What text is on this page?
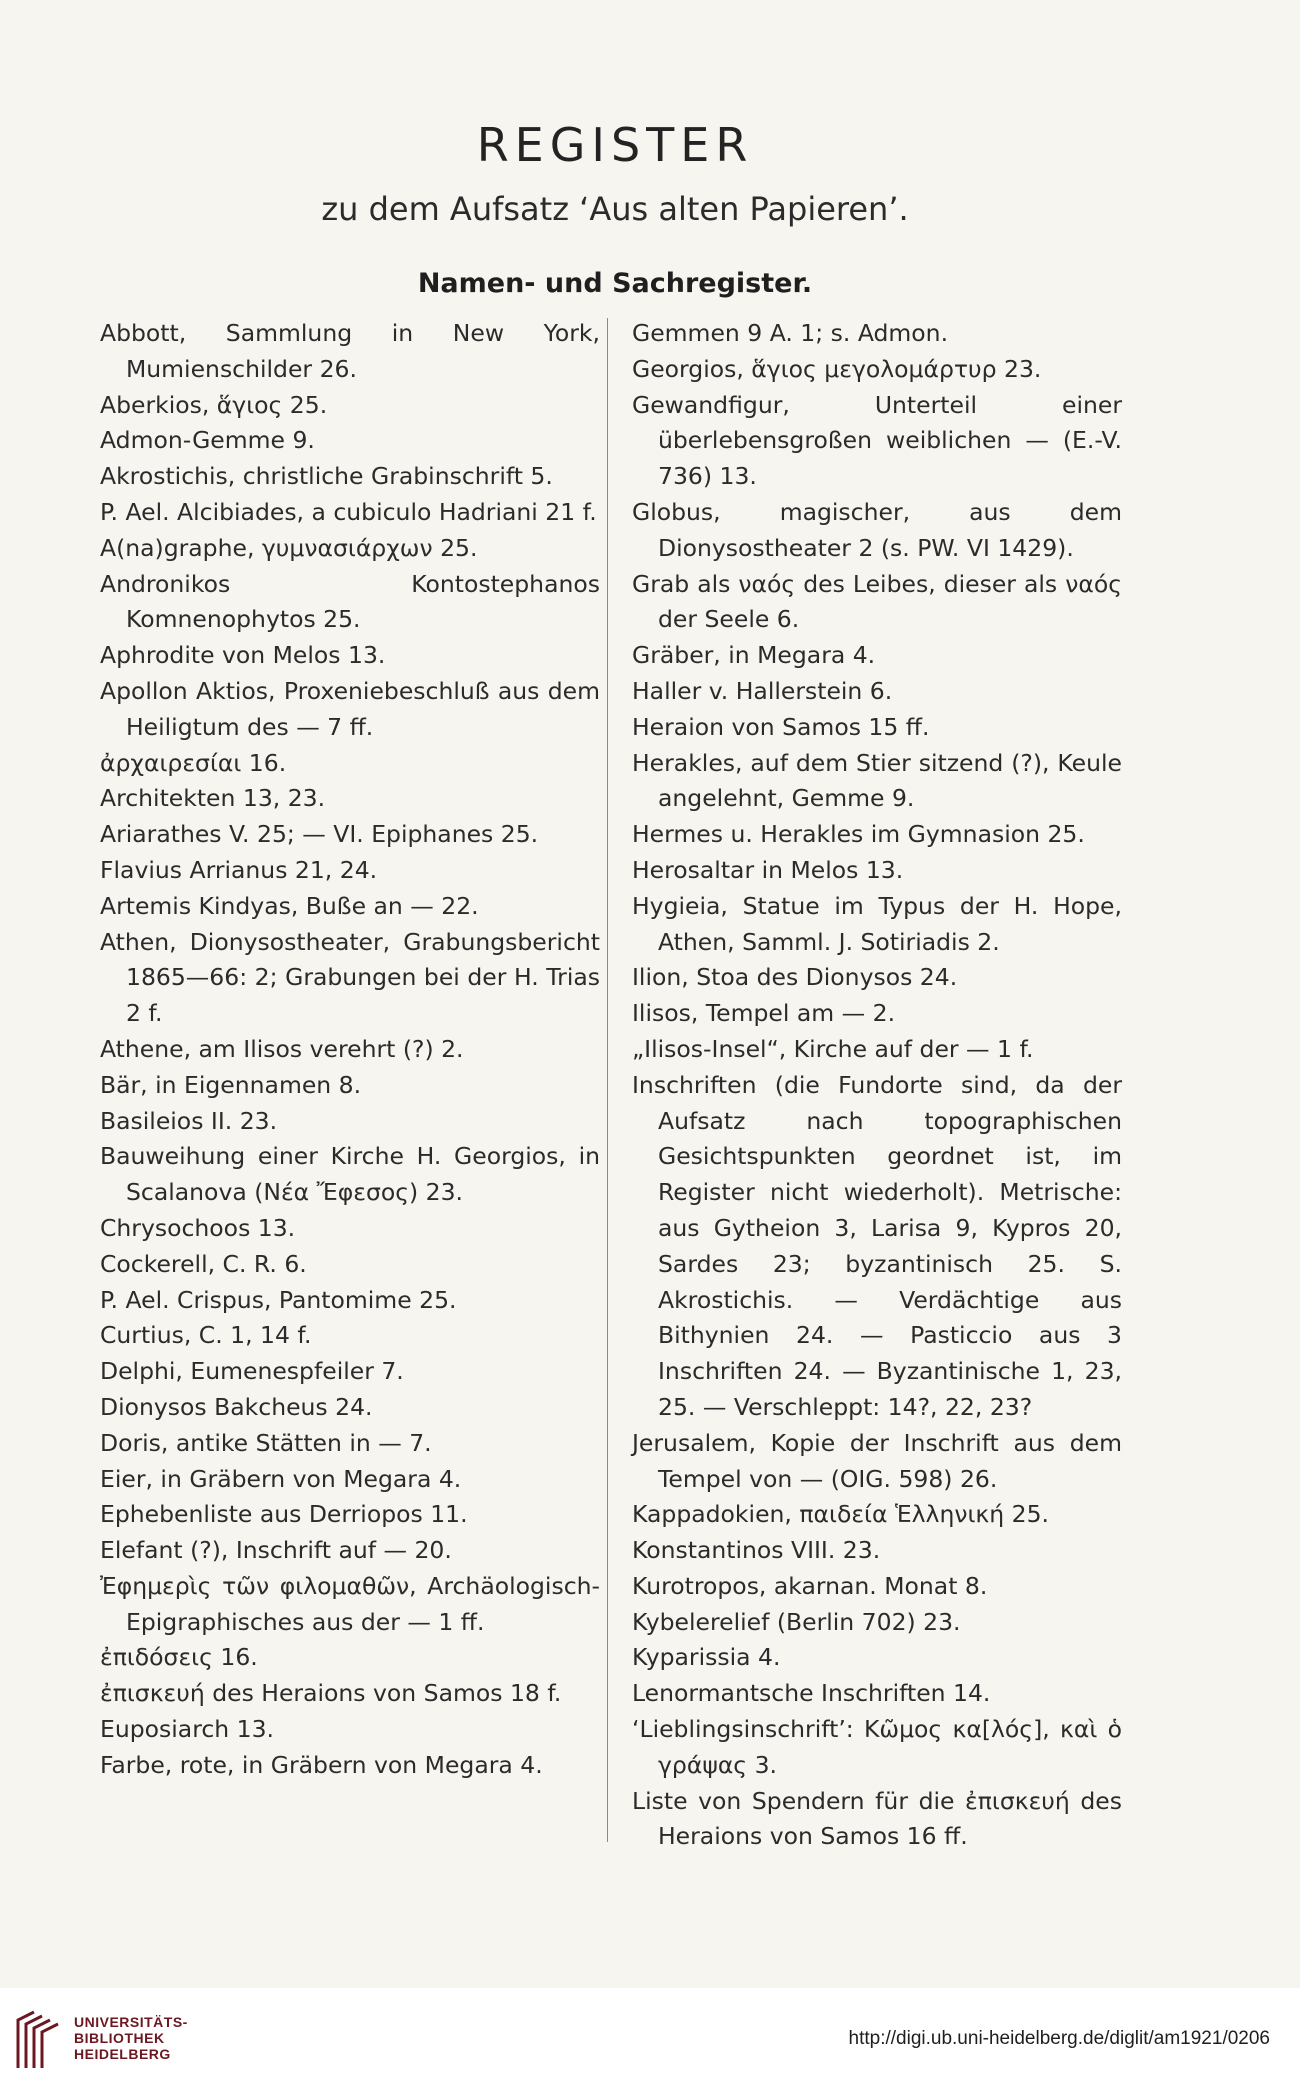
REGISTER
zu dem Aufsatz ‘Aus alten Papieren’.
Namen- und Sachregister.
Abbott, Sammlung in New York, Mumienschilder 26.
Aberkios, ἅγιος 25.
Admon-Gemme 9.
Akrostichis, christliche Grabinschrift 5.
P. Ael. Alcibiades, a cubiculo Hadriani 21 f.
A(na)graphe, γυμνασιάρχων 25.
Andronikos Kontostephanos Komnenophytos 25.
Aphrodite von Melos 13.
Apollon Aktios, Proxeniebeschluß aus dem Heiligtum des — 7 ff.
ἀρχαιρεσίαι 16.
Architekten 13, 23.
Ariarathes V. 25; — VI. Epiphanes 25.
Flavius Arrianus 21, 24.
Artemis Kindyas, Buße an — 22.
Athen, Dionysostheater, Grabungsbericht 1865—66: 2; Grabungen bei der H. Trias 2 f.
Athene, am Ilisos verehrt (?) 2.
Bär, in Eigennamen 8.
Basileios II. 23.
Bauweihung einer Kirche H. Georgios, in Scalanova (Νέα Ἔφεσος) 23.
Chrysochoos 13.
Cockerell, C. R. 6.
P. Ael. Crispus, Pantomime 25.
Curtius, C. 1, 14 f.
Delphi, Eumenespfeiler 7.
Dionysos Bakcheus 24.
Doris, antike Stätten in — 7.
Eier, in Gräbern von Megara 4.
Ephebenliste aus Derriopos 11.
Elefant (?), Inschrift auf — 20.
Ἐφημερὶς τῶν φιλομαθῶν, Archäologisch-Epigraphisches aus der — 1 ff.
ἐπιδόσεις 16.
ἐπισκευή des Heraions von Samos 18 f.
Euposiarch 13.
Farbe, rote, in Gräbern von Megara 4.
Gemmen 9 A. 1; s. Admon.
Georgios, ἅγιος μεγολομάρτυρ 23.
Gewandfigur, Unterteil einer überlebensgroßen weiblichen — (E.-V. 736) 13.
Globus, magischer, aus dem Dionysostheater 2 (s. PW. VI 1429).
Grab als ναός des Leibes, dieser als ναός der Seele 6.
Gräber, in Megara 4.
Haller v. Hallerstein 6.
Heraion von Samos 15 ff.
Herakles, auf dem Stier sitzend (?), Keule angelehnt, Gemme 9.
Hermes u. Herakles im Gymnasion 25.
Herosaltar in Melos 13.
Hygieia, Statue im Typus der H. Hope, Athen, Samml. J. Sotiriadis 2.
Ilion, Stoa des Dionysos 24.
Ilisos, Tempel am — 2.
„Ilisos-Insel“, Kirche auf der — 1 f.
Inschriften (die Fundorte sind, da der Aufsatz nach topographischen Gesichtspunkten geordnet ist, im Register nicht wiederholt). Metrische: aus Gytheion 3, Larisa 9, Kypros 20, Sardes 23; byzantinisch 25. S. Akrostichis. — Verdächtige aus Bithynien 24. — Pasticcio aus 3 Inschriften 24. — Byzantinische 1, 23, 25. — Verschleppt: 14?, 22, 23?
Jerusalem, Kopie der Inschrift aus dem Tempel von — (OIG. 598) 26.
Kappadokien, παιδεία Ἑλληνική 25.
Konstantinos VIII. 23.
Kurotropos, akarnan. Monat 8.
Kybelerelief (Berlin 702) 23.
Kyparissia 4.
Lenormantsche Inschriften 14.
‘Lieblingsinschrift’: Κῶμος κα[λός], καὶ ὁ γράψας 3.
Liste von Spendern für die ἐπισκευή des Heraions von Samos 16 ff.
UNIVERSITÄTS-
BIBLIOTHEK
HEIDELBERG
http://digi.ub.uni-heidelberg.de/diglit/am1921/0206
